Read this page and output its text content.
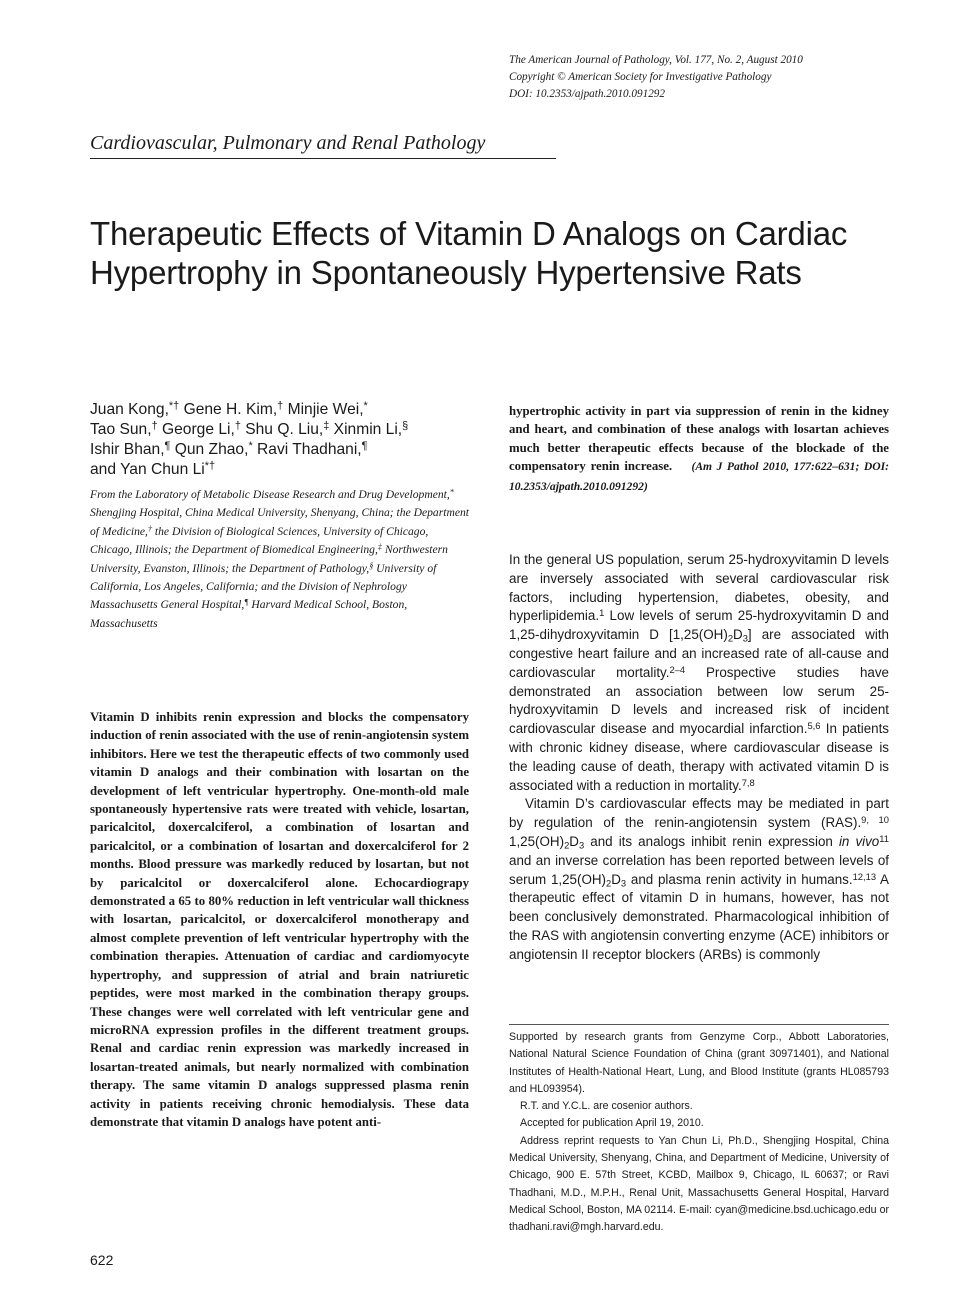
The American Journal of Pathology, Vol. 177, No. 2, August 2010
Copyright © American Society for Investigative Pathology
DOI: 10.2353/ajpath.2010.091292
Cardiovascular, Pulmonary and Renal Pathology
Therapeutic Effects of Vitamin D Analogs on Cardiac
Hypertrophy in Spontaneously Hypertensive Rats
Juan Kong,*† Gene H. Kim,† Minjie Wei,*
Tao Sun,† George Li,† Shu Q. Liu,‡ Xinmin Li,§
Ishir Bhan,¶ Qun Zhao,* Ravi Thadhani,¶
and Yan Chun Li*†
From the Laboratory of Metabolic Disease Research and Drug Development,* Shengjing Hospital, China Medical University, Shenyang, China; the Department of Medicine,† the Division of Biological Sciences, University of Chicago, Chicago, Illinois; the Department of Biomedical Engineering,‡ Northwestern University, Evanston, Illinois; the Department of Pathology,§ University of California, Los Angeles, California; and the Division of Nephrology Massachusetts General Hospital,¶ Harvard Medical School, Boston, Massachusetts

Vitamin D inhibits renin expression and blocks the compensatory induction of renin associated with the use of renin-angiotensin system inhibitors. Here we test the therapeutic effects of two commonly used vitamin D analogs and their combination with losartan on the development of left ventricular hypertrophy. One-month-old male spontaneously hypertensive rats were treated with vehicle, losartan, paricalcitol, doxercalciferol, a combination of losartan and paricalcitol, or a combination of losartan and doxercalciferol for 2 months. Blood pressure was markedly reduced by losartan, but not by paricalcitol or doxercalciferol alone. Echocardiograpy demonstrated a 65 to 80% reduction in left ventricular wall thickness with losartan, paricalcitol, or doxercalciferol monotherapy and almost complete prevention of left ventricular hypertrophy with the combination therapies. Attenuation of cardiac and cardiomyocyte hypertrophy, and suppression of atrial and brain natriuretic peptides, were most marked in the combination therapy groups. These changes were well correlated with left ventricular gene and microRNA expression profiles in the different treatment groups. Renal and cardiac renin expression was markedly increased in losartan-treated animals, but nearly normalized with combination therapy. The same vitamin D analogs suppressed plasma renin activity in patients receiving chronic hemodialysis. These data demonstrate that vitamin D analogs have potent anti-

hypertrophic activity in part via suppression of renin in the kidney and heart, and combination of these analogs with losartan achieves much better therapeutic effects because of the blockade of the compensatory renin increase. (Am J Pathol 2010, 177:622–631; DOI: 10.2353/ajpath.2010.091292)

In the general US population, serum 25-hydroxyvitamin D levels are inversely associated with several cardiovascular risk factors, including hypertension, diabetes, obesity, and hyperlipidemia.$^1$ Low levels of serum 25-hydroxyvitamin D and 1,25-dihydroxyvitamin D $[1,25(OH)_2D_3]$ are associated with congestive heart failure and an increased rate of all-cause and cardiovascular mortality.$^{2-4}$ Prospective studies have demonstrated an association between low serum 25-hydroxyvitamin D levels and increased risk of incident cardiovascular disease and myocardial infarction.$^{5,6}$ In patients with chronic kidney disease, where cardiovascular disease is the leading cause of death, therapy with activated vitamin D is associated with a reduction in mortality.$^{7,8}$

Vitamin D’s cardiovascular effects may be mediated in part by regulation of the renin-angiotensin system (RAS).$^{9, 10}$ $1,25(OH)_2D_3$ and its analogs inhibit renin expression in vivo$^{11}$ and an inverse correlation has been reported between levels of serum $1,25(OH)_2D_3$ and plasma renin activity in humans.$^{12,13}$ A therapeutic effect of vitamin D in humans, however, has not been conclusively demonstrated. Pharmacological inhibition of the RAS with angiotensin converting enzyme (ACE) inhibitors or angiotensin II receptor blockers (ARBs) is commonly

Supported by research grants from Genzyme Corp., Abbott Laboratories, National Natural Science Foundation of China (grant 30971401), and National Institutes of Health-National Heart, Lung, and Blood Institute (grants HL085793 and HL093954).

R.T. and Y.C.L. are cosenior authors.

Accepted for publication April 19, 2010.

Address reprint requests to Yan Chun Li, Ph.D., Shengjing Hospital, China Medical University, Shenyang, China, and Department of Medicine, University of Chicago, 900 E. 57th Street, KCBD, Mailbox 9, Chicago, IL 60637; or Ravi Thadhani, M.D., M.P.H., Renal Unit, Massachusetts General Hospital, Harvard Medical School, Boston, MA 02114. E-mail: cyan@medicine.bsd.uchicago.edu or thadhani.ravi@mgh.harvard.edu.

622
